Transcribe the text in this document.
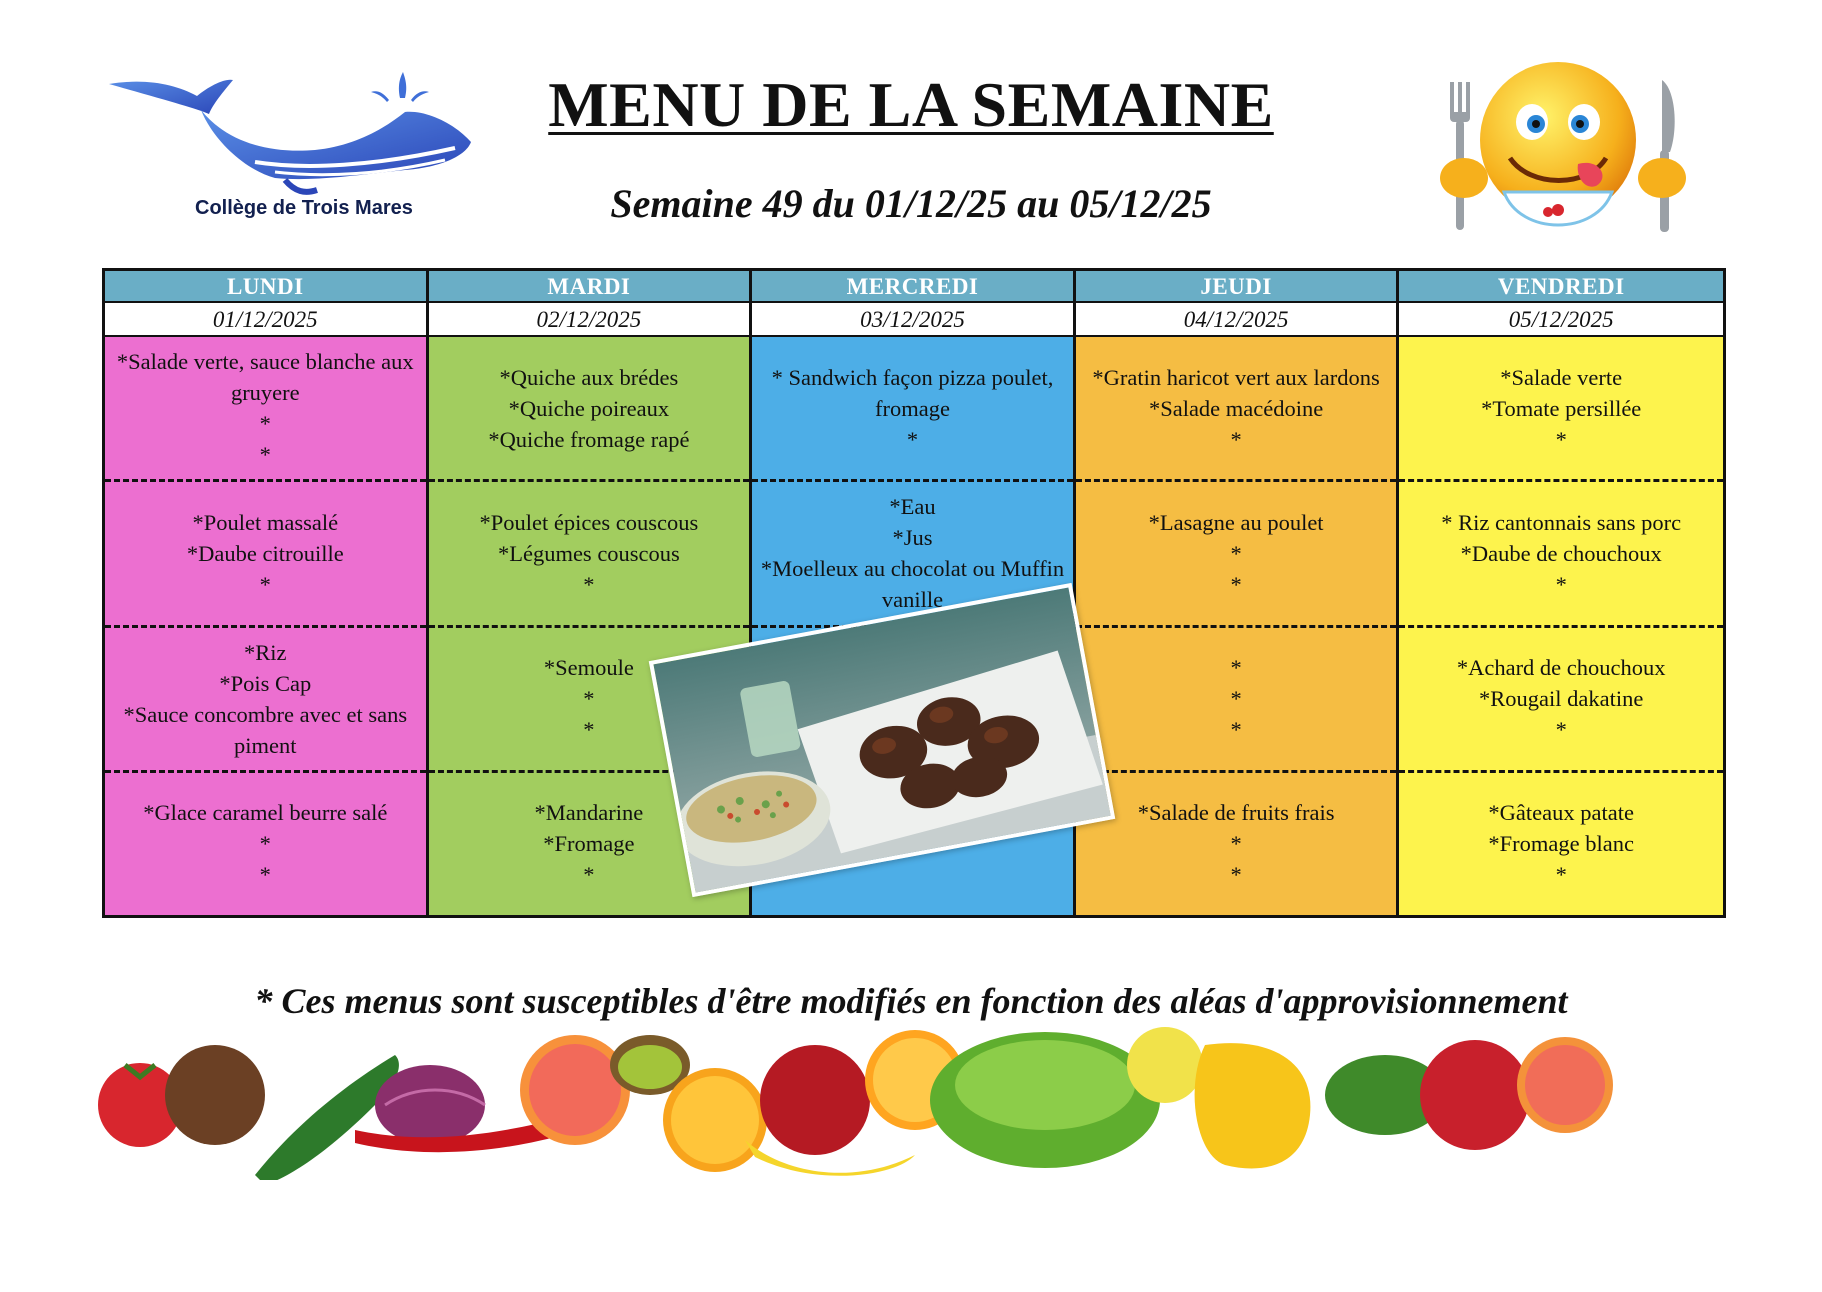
Collège de Trois Mares
MENU DE LA SEMAINE
Semaine 49 du 01/12/25 au 05/12/25
LUNDI
01/12/2025
*Salade verte, sauce blanche aux gruyere
*
*
*Poulet massalé
*Daube citrouille
*
*Riz
*Pois Cap
*Sauce concombre avec et sans piment
*Glace caramel beurre salé
*
*
MARDI
02/12/2025
*Quiche aux brédes
*Quiche poireaux
*Quiche fromage rapé
*Poulet épices couscous
*Légumes couscous
*
*Semoule
*
*
*Mandarine
*Fromage
*
MERCREDI
03/12/2025
* Sandwich façon pizza poulet, fromage
*
*Eau
*Jus
*Moelleux au chocolat ou Muffin vanille
JEUDI
04/12/2025
*Gratin haricot vert aux lardons
*Salade macédoine
*
*Lasagne au poulet
*
*
*
*
*
*Salade de fruits frais
*
*
VENDREDI
05/12/2025
*Salade verte
*Tomate persillée
*
* Riz cantonnais sans porc
*Daube de chouchoux
*
*Achard de chouchoux
*Rougail dakatine
*
*Gâteaux patate
*Fromage blanc
*
* Ces menus sont susceptibles d'être modifiés en fonction des aléas d'approvisionnement
